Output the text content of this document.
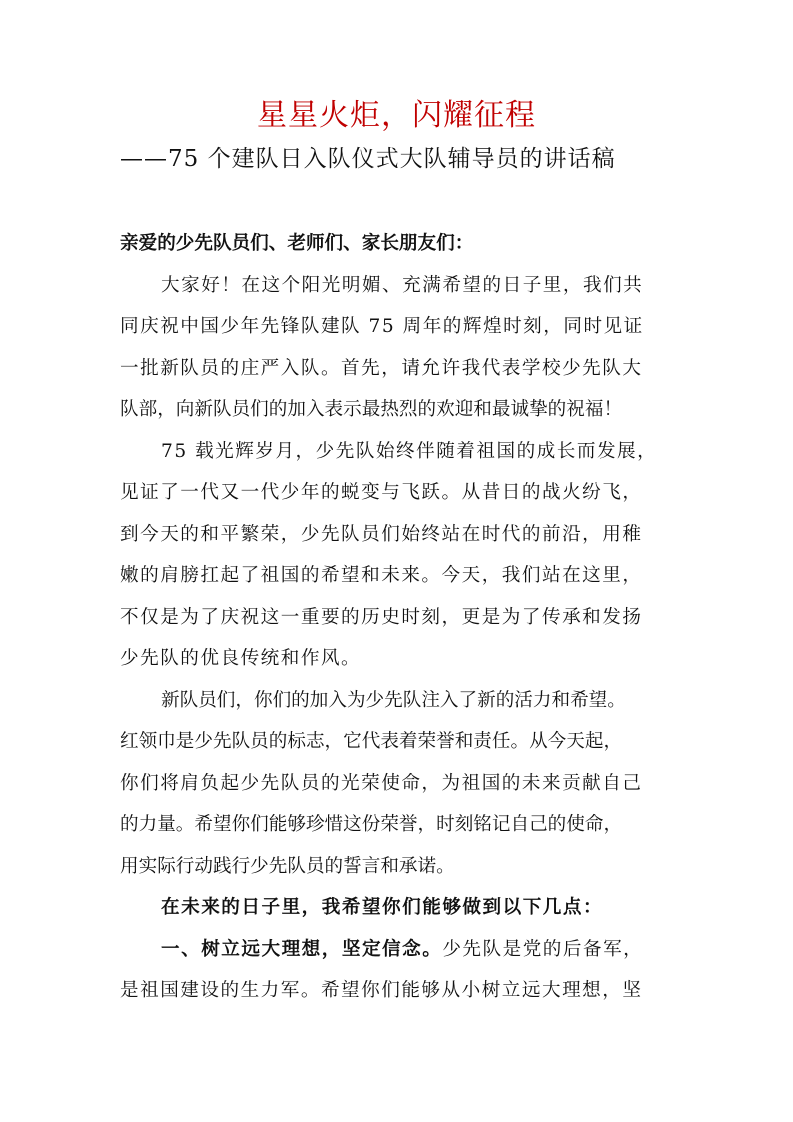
星星火炬，闪耀征程
——75 个建队日入队仪式大队辅导员的讲话稿
亲爱的少先队员们、老师们、家长朋友们：
大家好！在这个阳光明媚、充满希望的日子里，我们共
同庆祝中国少年先锋队建队 75 周年的辉煌时刻，同时见证
一批新队员的庄严入队。首先，请允许我代表学校少先队大
队部，向新队员们的加入表示最热烈的欢迎和最诚挚的祝福！
75 载光辉岁月，少先队始终伴随着祖国的成长而发展，
见证了一代又一代少年的蜕变与飞跃。从昔日的战火纷飞，
到今天的和平繁荣，少先队员们始终站在时代的前沿，用稚
嫩的肩膀扛起了祖国的希望和未来。今天，我们站在这里，
不仅是为了庆祝这一重要的历史时刻，更是为了传承和发扬
少先队的优良传统和作风。
新队员们，你们的加入为少先队注入了新的活力和希望。
红领巾是少先队员的标志，它代表着荣誉和责任。从今天起，
你们将肩负起少先队员的光荣使命，为祖国的未来贡献自己
的力量。希望你们能够珍惜这份荣誉，时刻铭记自己的使命，
用实际行动践行少先队员的誓言和承诺。
在未来的日子里，我希望你们能够做到以下几点：
一、树立远大理想，坚定信念。少先队是党的后备军，
是祖国建设的生力军。希望你们能够从小树立远大理想，坚
